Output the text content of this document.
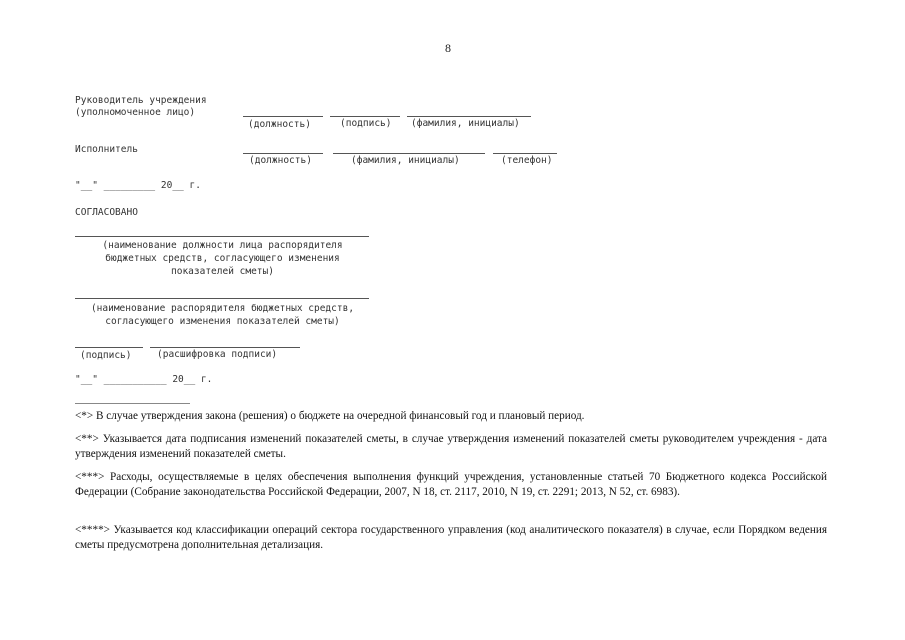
8
Руководитель учреждения
(уполномоченное лицо)
(должность)	(подпись) (фамилия, инициалы)
Исполнитель
(должность)	(фамилия, инициалы)	(телефон)
"__" _________ 20__ г.
СОГЛАСОВАНО
(наименование должности лица распорядителя
бюджетных средств, согласующего изменения
показателей сметы)
(наименование распорядителя бюджетных средств,
согласующего изменения показателей сметы)
(подпись)	(расшифровка подписи)
"__" ___________ 20__ г.
<*> В случае утверждения закона (решения) о бюджете на очередной финансовый год и плановый период.
<**> Указывается дата подписания изменений показателей сметы, в случае утверждения изменений показателей сметы руководителем учреждения - дата утверждения изменений показателей сметы.
<***> Расходы, осуществляемые в целях обеспечения выполнения функций учреждения, установленные статьей 70 Бюджетного кодекса Российской Федерации (Собрание законодательства Российской Федерации, 2007, N 18, ст. 2117, 2010, N 19, ст. 2291; 2013, N 52, ст. 6983).
<****> Указывается код классификации операций сектора государственного управления (код аналитического показателя) в случае, если Порядком ведения сметы предусмотрена дополнительная детализация.
